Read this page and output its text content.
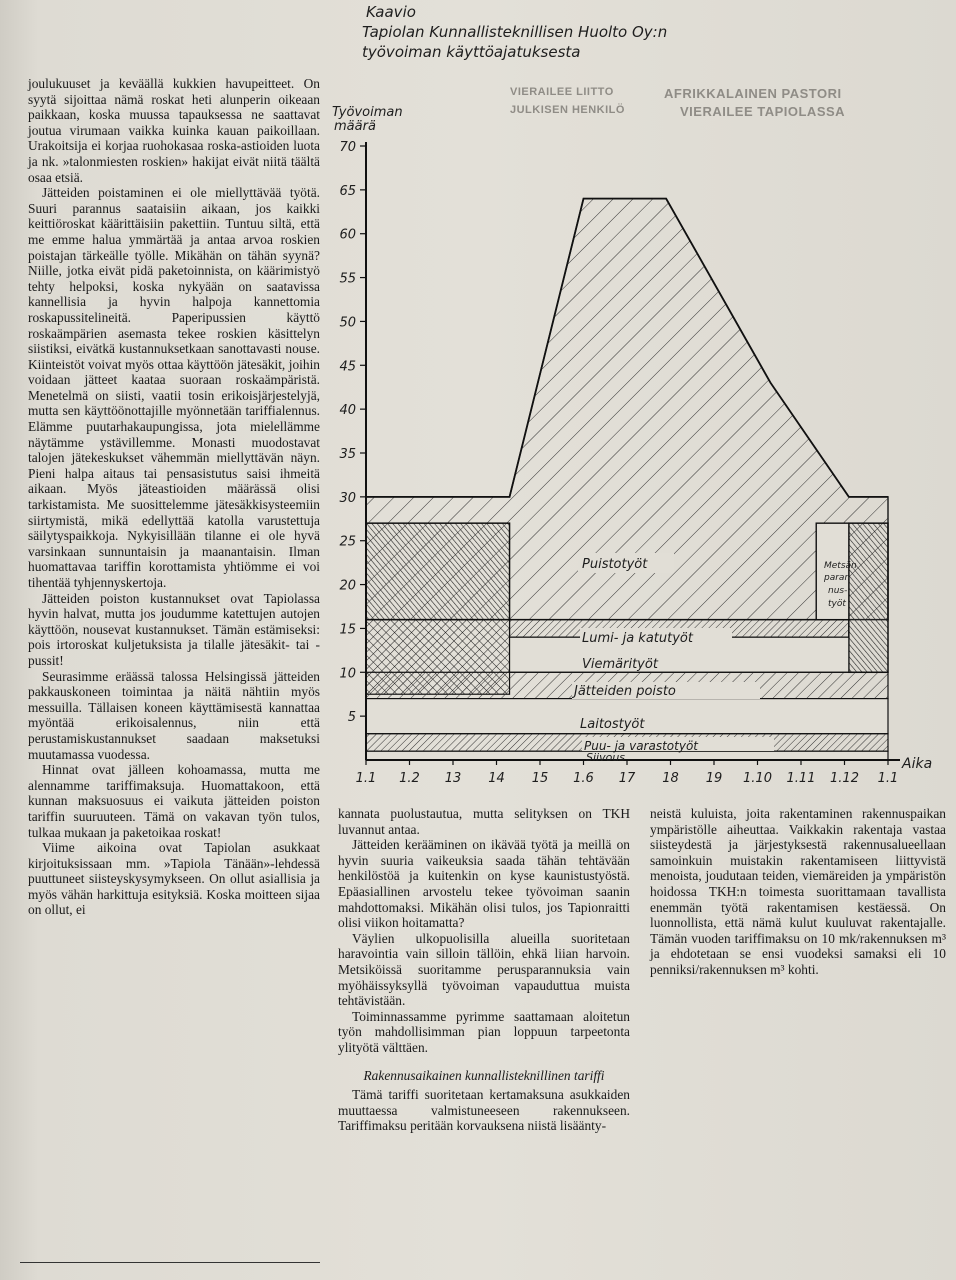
AFRIKKALAINEN PASTORI
VIERAILEE TAPIOLASSA
JULKISEN HENKILÖ
VIERAILEE LIITTO
Kaavio
Tapiolan Kunnallisteknillisen Huolto Oy:n
työvoiman käyttöajatuksesta
5
10
15
20
25
30
35
40
45
50
55
60
65
70
1.1 1.2 13 14 15 1.6 17 18 19 1.10 1.11 1.12 1.1
Työvoiman
määrä
Aika
Puistotyöt
Lumi- ja katutyöt
Viemärityöt
Jätteiden poisto
Laitostyöt
Puu- ja varastotyöt
Siivous
Metsän
paran
nus-
työt

joulukuuset ja keväällä kukkien havupeitteet. On syytä sijoittaa nämä roskat heti alunperin oikeaan paikkaan, koska muussa tapauksessa ne saattavat joutua virumaan vaikka kuinka kauan paikoillaan. Urakoitsija ei korjaa ruohokasaa roska-astioiden luota ja nk. »talonmiesten roskien» hakijat eivät niitä täältä osaa etsiä.

Jätteiden poistaminen ei ole miellyttävää työtä. Suuri parannus saataisiin aikaan, jos kaikki keittiöroskat käärittäisiin pakettiin. Tuntuu siltä, että me emme halua ymmärtää ja antaa arvoa roskien poistajan tärkeälle työlle. Mikähän on tähän syynä? Niille, jotka eivät pidä paketoinnista, on käärimistyö tehty helpoksi, koska nykyään on saatavissa kannellisia ja hyvin halpoja kannettomia roskapussitelineitä. Paperipussien käyttö roskaämpärien asemasta tekee roskien käsittelyn siistiksi, eivätkä kustannuksetkaan sanottavasti nouse. Kiinteistöt voivat myös ottaa käyttöön jätesäkit, joihin voidaan jätteet kaataa suoraan roskaämpäristä. Menetelmä on siisti, vaatii tosin erikoisjärjestelyjä, mutta sen käyttöönottajille myönnetään tariffialennus. Elämme puutarhakaupungissa, jota mielellämme näytämme ystävillemme. Monasti muodostavat talojen jätekeskukset vähemmän miellyttävän näyn. Pieni halpa aitaus tai pensasistutus saisi ihmeitä aikaan. Myös jäteastioiden määrässä olisi tarkistamista. Me suosittelemme jätesäkkisysteemiin siirtymistä, mikä edellyttää katolla varustettuja säilytyspaikkoja. Nykyisillään tilanne ei ole hyvä varsinkaan sunnuntaisin ja maanantaisin. Ilman huomattavaa tariffin korottamista yhtiömme ei voi tihentää tyhjennyskertoja.

Jätteiden poiston kustannukset ovat Tapiolassa hyvin halvat, mutta jos joudumme katettujen autojen käyttöön, nousevat kustannukset. Tämän estämiseksi: pois irtoroskat kuljetuksista ja tilalle jätesäkit- tai -pussit!

Seurasimme eräässä talossa Helsingissä jätteiden pakkauskoneen toimintaa ja näitä nähtiin myös messuilla. Tällaisen koneen käyttämisestä kannattaa myöntää erikoisalennus, niin että perustamiskustannukset saadaan maksetuksi muutamassa vuodessa.

Hinnat ovat jälleen kohoamassa, mutta me alennamme tariffimaksuja. Huomattakoon, että kunnan maksuosuus ei vaikuta jätteiden poiston tariffin suuruuteen. Tämä on vakavan työn tulos, tulkaa mukaan ja paketoikaa roskat!

Viime aikoina ovat Tapiolan asukkaat kirjoituksissaan mm. »Tapiola Tänään»-lehdessä puuttuneet siisteyskysymykseen. On ollut asiallisia ja myös vähän harkittuja esityksiä. Koska moitteen sijaa on ollut, ei

kannata puolustautua, mutta selityksen on TKH luvannut antaa.

Jätteiden kerääminen on ikävää työtä ja meillä on hyvin suuria vaikeuksia saada tähän tehtävään henkilöstöä ja kuitenkin on kyse kaunistustyöstä. Epäasiallinen arvostelu tekee työvoiman saanin mahdottomaksi. Mikähän olisi tulos, jos Tapionraitti olisi viikon hoitamatta?

Väylien ulkopuolisilla alueilla suoritetaan haravointia vain silloin tällöin, ehkä liian harvoin. Metsiköissä suoritamme perusparannuksia vain myöhäissyksyllä työvoiman vapauduttua muista tehtävistään.

Toiminnassamme pyrimme saattamaan aloitetun työn mahdollisimman pian loppuun tarpeetonta ylityötä välttäen.

Rakennusaikainen kunnallisteknillinen tariffi

Tämä tariffi suoritetaan kertamaksuna asukkaiden muuttaessa valmistuneeseen rakennukseen. Tariffimaksu peritään korvauksena niistä lisäänty-

neistä kuluista, joita rakentaminen rakennuspaikan ympäristölle aiheuttaa. Vaikkakin rakentaja vastaa siisteydestä ja järjestyksestä rakennusalueellaan samoinkuin muistakin rakentamiseen liittyvistä menoista, joudutaan teiden, viemäreiden ja ympäristön hoidossa TKH:n toimesta suorittamaan tavallista enemmän työtä rakentamisen kestäessä. On luonnollista, että nämä kulut kuuluvat rakentajalle. Tämän vuoden tariffimaksu on 10 mk/rakennuksen m³ ja ehdotetaan se ensi vuodeksi samaksi eli 10 penniksi/rakennuksen m³ kohti.
